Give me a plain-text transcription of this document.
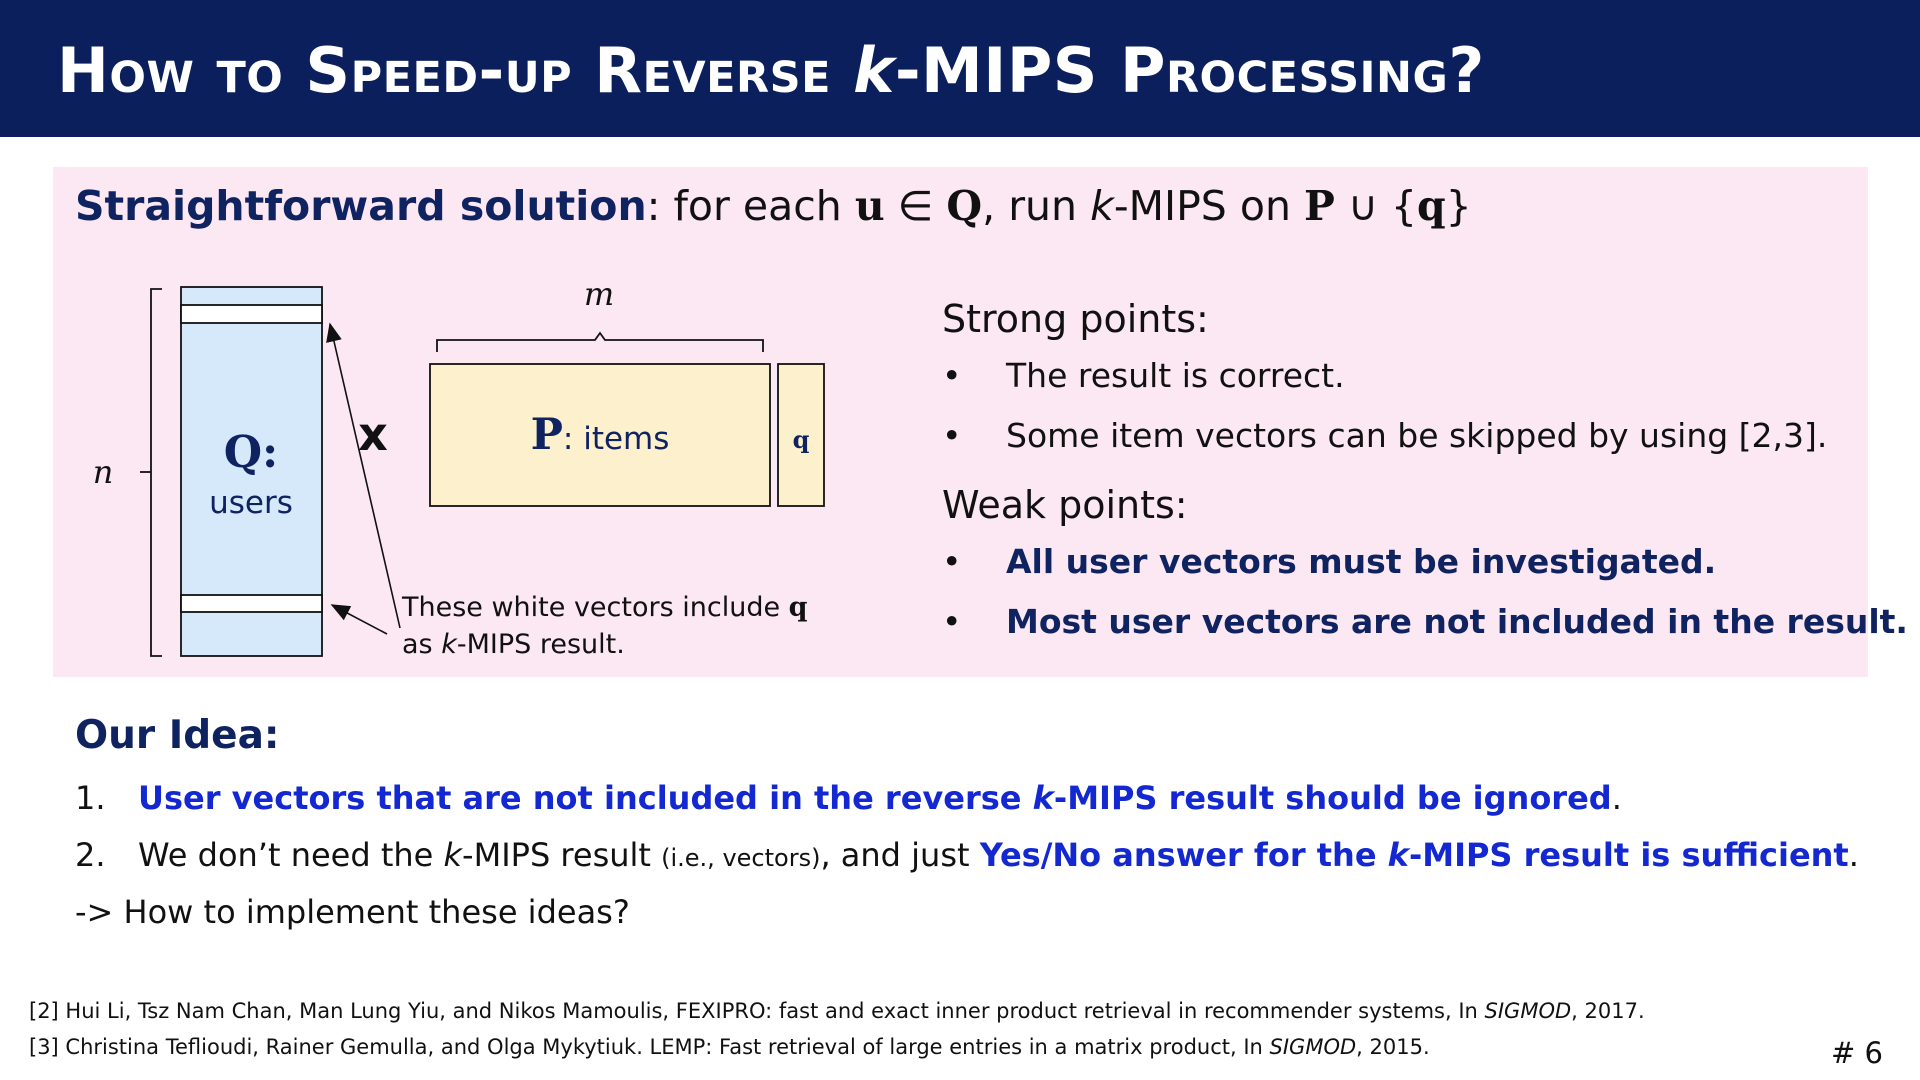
How to Speed-up Reverse k-MIPS Processing?
Straightforward solution: for each u ∈ Q, run k-MIPS on P ∪ {q}
n	Q:
users
x
m
P: items	q
These white vectors include q
as k-MIPS result.
Strong points:
• The result is correct.
• Some item vectors can be skipped by using [2,3].
Weak points:
• All user vectors must be investigated.
• Most user vectors are not included in the result.
Our Idea:
1. User vectors that are not included in the reverse k-MIPS result should be ignored.
2. We don’t need the k-MIPS result (i.e., vectors), and just Yes/No answer for the k-MIPS result is sufficient.
-> How to implement these ideas?
[2] Hui Li, Tsz Nam Chan, Man Lung Yiu, and Nikos Mamoulis, FEXIPRO: fast and exact inner product retrieval in recommender systems, In SIGMOD, 2017.
[3] Christina Teflioudi, Rainer Gemulla, and Olga Mykytiuk. LEMP: Fast retrieval of large entries in a matrix product, In SIGMOD, 2015.	# 6
